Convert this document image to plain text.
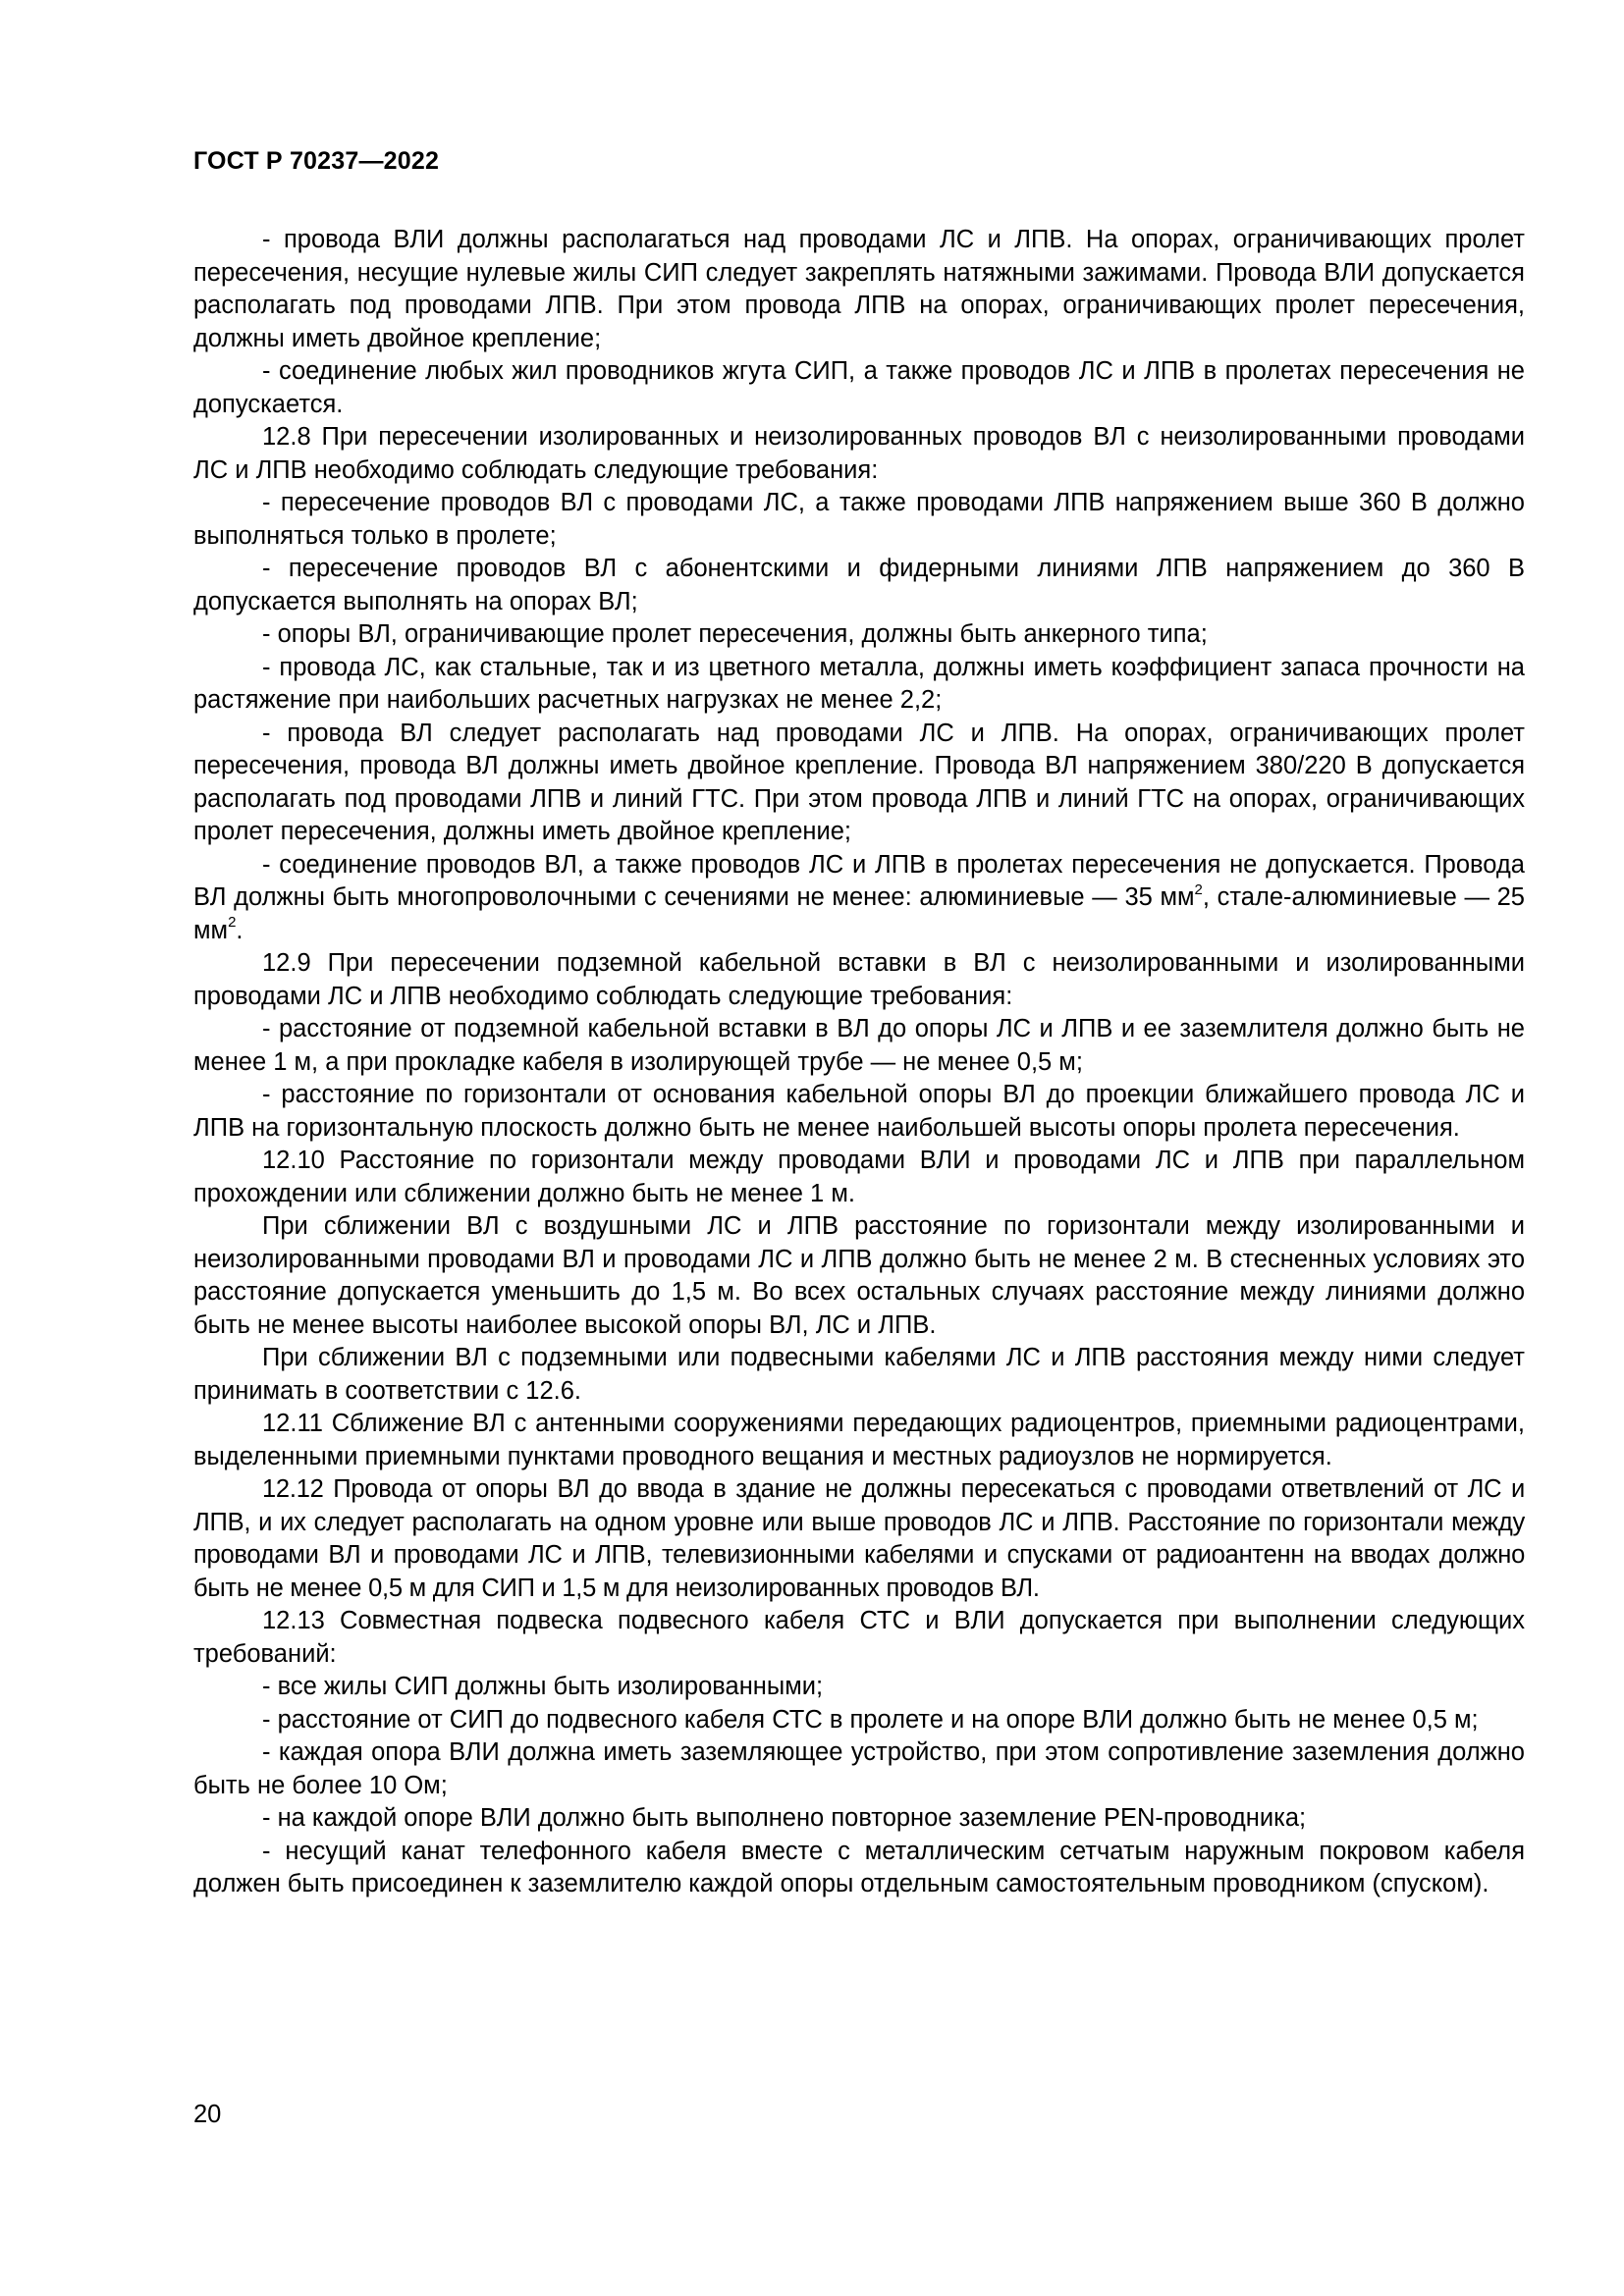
ГОСТ Р 70237—2022

- провода ВЛИ должны располагаться над проводами ЛС и ЛПВ. На опорах, ограничивающих пролет пересечения, несущие нулевые жилы СИП следует закреплять натяжными зажимами. Провода ВЛИ допускается располагать под проводами ЛПВ. При этом провода ЛПВ на опорах, ограничивающих пролет пересечения, должны иметь двойное крепление;

- соединение любых жил проводников жгута СИП, а также проводов ЛС и ЛПВ в пролетах пересечения не допускается.

12.8 При пересечении изолированных и неизолированных проводов ВЛ с неизолированными проводами ЛС и ЛПВ необходимо соблюдать следующие требования:

- пересечение проводов ВЛ с проводами ЛС, а также проводами ЛПВ напряжением выше 360 В должно выполняться только в пролете;

- пересечение проводов ВЛ с абонентскими и фидерными линиями ЛПВ напряжением до 360 В допускается выполнять на опорах ВЛ;

- опоры ВЛ, ограничивающие пролет пересечения, должны быть анкерного типа;

- провода ЛС, как стальные, так и из цветного металла, должны иметь коэффициент запаса прочности на растяжение при наибольших расчетных нагрузках не менее 2,2;

- провода ВЛ следует располагать над проводами ЛС и ЛПВ. На опорах, ограничивающих пролет пересечения, провода ВЛ должны иметь двойное крепление. Провода ВЛ напряжением 380/220 В допускается располагать под проводами ЛПВ и линий ГТС. При этом провода ЛПВ и линий ГТС на опорах, ограничивающих пролет пересечения, должны иметь двойное крепление;

- соединение проводов ВЛ, а также проводов ЛС и ЛПВ в пролетах пересечения не допускается. Провода ВЛ должны быть многопроволочными с сечениями не менее: алюминиевые — 35 $мм^2$, стале-алюминиевые — 25 $мм^2$.

12.9 При пересечении подземной кабельной вставки в ВЛ с неизолированными и изолированными проводами ЛС и ЛПВ необходимо соблюдать следующие требования:

- расстояние от подземной кабельной вставки в ВЛ до опоры ЛС и ЛПВ и ее заземлителя должно быть не менее 1 м, а при прокладке кабеля в изолирующей трубе — не менее 0,5 м;

- расстояние по горизонтали от основания кабельной опоры ВЛ до проекции ближайшего провода ЛС и ЛПВ на горизонтальную плоскость должно быть не менее наибольшей высоты опоры пролета пересечения.

12.10 Расстояние по горизонтали между проводами ВЛИ и проводами ЛС и ЛПВ при параллельном прохождении или сближении должно быть не менее 1 м.

При сближении ВЛ с воздушными ЛС и ЛПВ расстояние по горизонтали между изолированными и неизолированными проводами ВЛ и проводами ЛС и ЛПВ должно быть не менее 2 м. В стесненных условиях это расстояние допускается уменьшить до 1,5 м. Во всех остальных случаях расстояние между линиями должно быть не менее высоты наиболее высокой опоры ВЛ, ЛС и ЛПВ.

При сближении ВЛ с подземными или подвесными кабелями ЛС и ЛПВ расстояния между ними следует принимать в соответствии с 12.6.

12.11 Сближение ВЛ с антенными сооружениями передающих радиоцентров, приемными радиоцентрами, выделенными приемными пунктами проводного вещания и местных радиоузлов не нормируется.

12.12 Провода от опоры ВЛ до ввода в здание не должны пересекаться с проводами ответвлений от ЛС и ЛПВ, и их следует располагать на одном уровне или выше проводов ЛС и ЛПВ. Расстояние по горизонтали между проводами ВЛ и проводами ЛС и ЛПВ, телевизионными кабелями и спусками от радиоантенн на вводах должно быть не менее 0,5 м для СИП и 1,5 м для неизолированных проводов ВЛ.

12.13 Совместная подвеска подвесного кабеля СТС и ВЛИ допускается при выполнении следующих требований:

- все жилы СИП должны быть изолированными;

- расстояние от СИП до подвесного кабеля СТС в пролете и на опоре ВЛИ должно быть не менее 0,5 м;

- каждая опора ВЛИ должна иметь заземляющее устройство, при этом сопротивление заземления должно быть не более 10 Ом;

- на каждой опоре ВЛИ должно быть выполнено повторное заземление PEN-проводника;

- несущий канат телефонного кабеля вместе с металлическим сетчатым наружным покровом кабеля должен быть присоединен к заземлителю каждой опоры отдельным самостоятельным проводником (спуском).

20
